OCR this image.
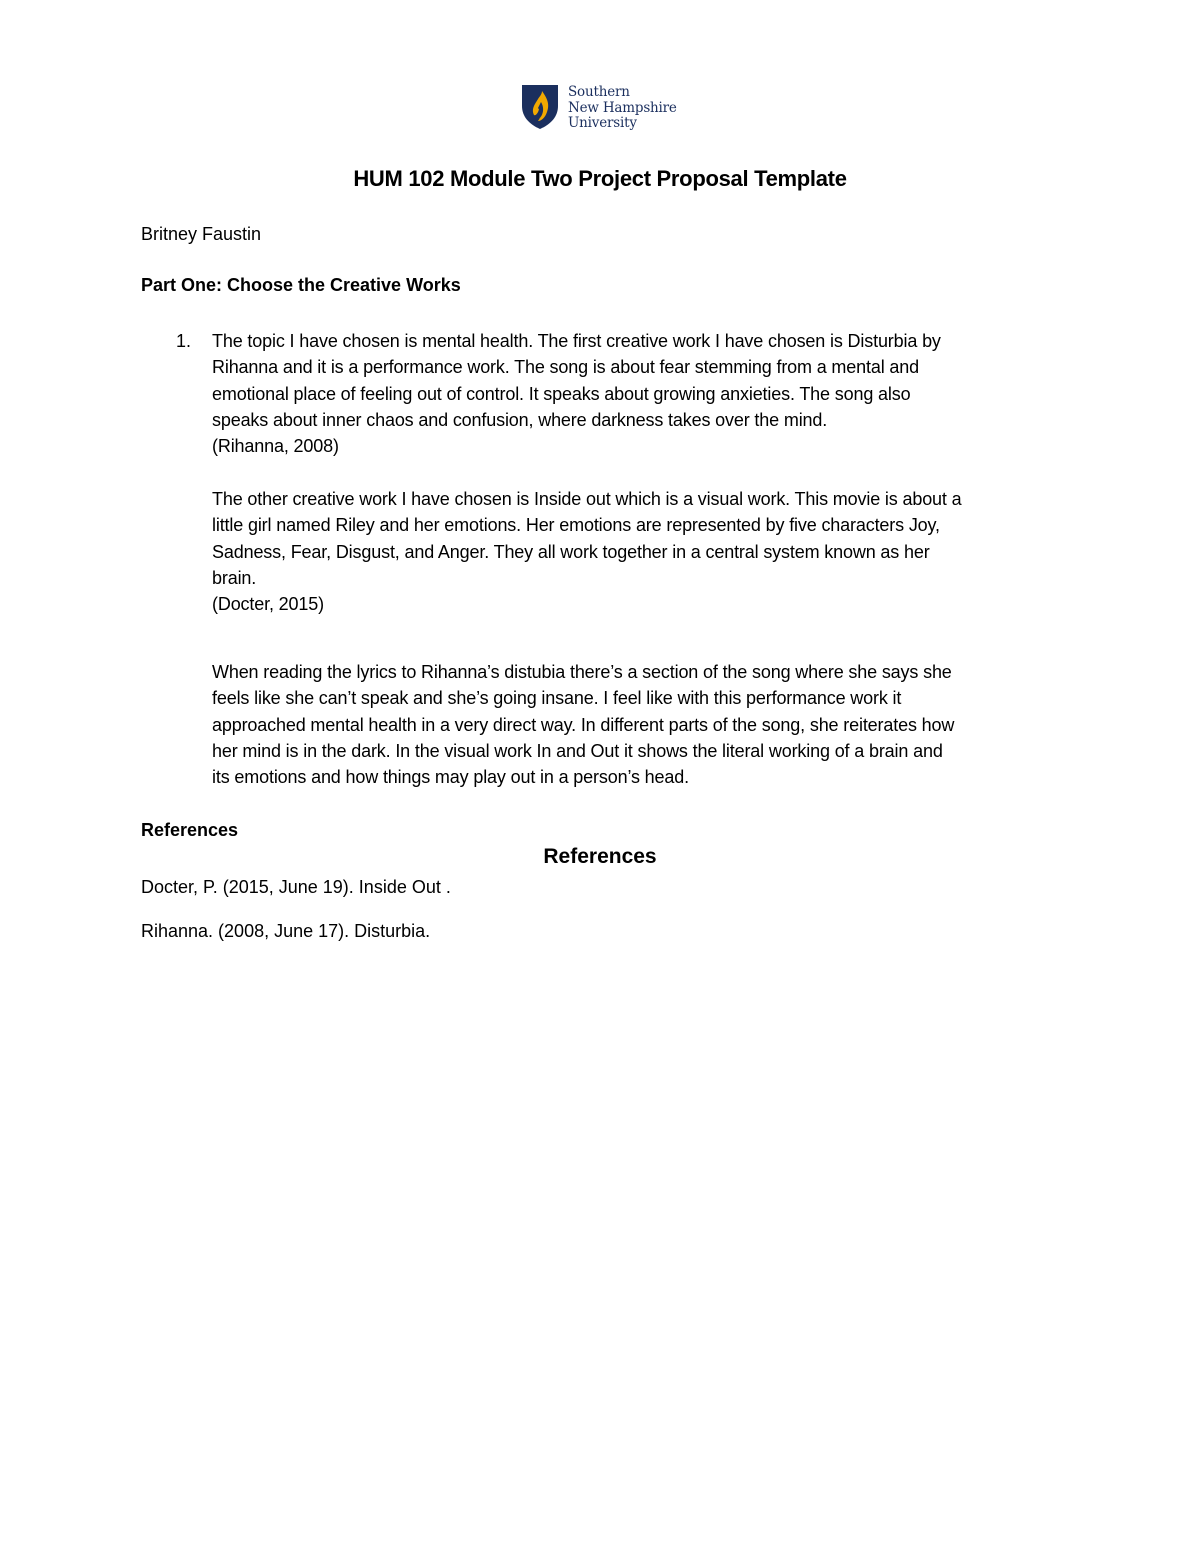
Southern
New Hampshire
University
HUM 102 Module Two Project Proposal Template
Britney Faustin
Part One: Choose the Creative Works
1. The topic I have chosen is mental health. The first creative work I have chosen is Disturbia by
Rihanna and it is a performance work. The song is about fear stemming from a mental and
emotional place of feeling out of control. It speaks about growing anxieties. The song also
speaks about inner chaos and confusion, where darkness takes over the mind.
(Rihanna, 2008)
The other creative work I have chosen is Inside out which is a visual work. This movie is about a
little girl named Riley and her emotions. Her emotions are represented by five characters Joy,
Sadness, Fear, Disgust, and Anger. They all work together in a central system known as her
brain.
(Docter, 2015)
When reading the lyrics to Rihanna’s distubia there’s a section of the song where she says she
feels like she can’t speak and she’s going insane. I feel like with this performance work it
approached mental health in a very direct way. In different parts of the song, she reiterates how
her mind is in the dark. In the visual work In and Out it shows the literal working of a brain and
its emotions and how things may play out in a person’s head.
References
References
Docter, P. (2015, June 19). Inside Out .
Rihanna. (2008, June 17). Disturbia.
